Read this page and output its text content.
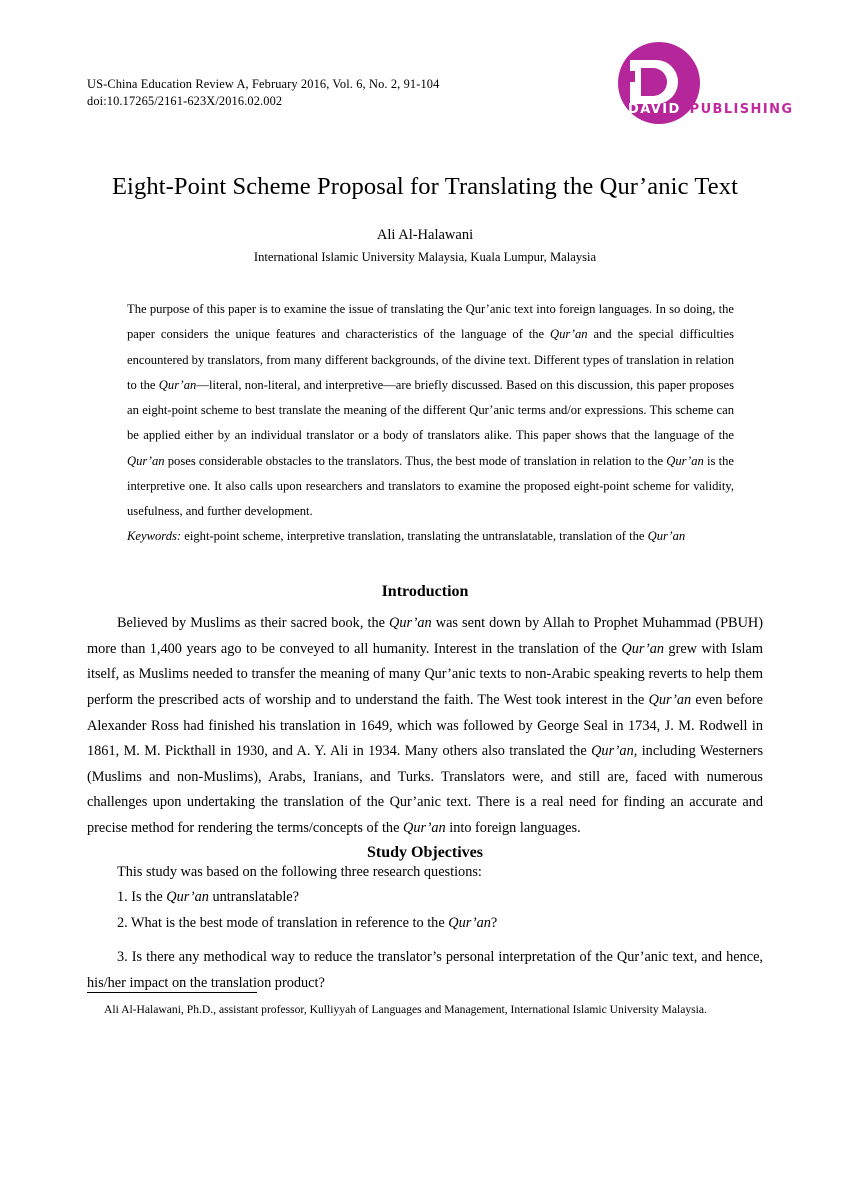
US-China Education Review A, February 2016, Vol. 6, No. 2, 91-104
doi:10.17265/2161-623X/2016.02.002
DAVID PUBLISHING
Eight-Point Scheme Proposal for Translating the Qur’anic Text
Ali Al-Halawani
International Islamic University Malaysia, Kuala Lumpur, Malaysia
The purpose of this paper is to examine the issue of translating the Qur’anic text into foreign languages. In so doing, the paper considers the unique features and characteristics of the language of the Qur’an and the special difficulties encountered by translators, from many different backgrounds, of the divine text. Different types of translation in relation to the Qur’an—literal, non-literal, and interpretive—are briefly discussed. Based on this discussion, this paper proposes an eight-point scheme to best translate the meaning of the different Qur’anic terms and/or expressions. This scheme can be applied either by an individual translator or a body of translators alike. This paper shows that the language of the Qur’an poses considerable obstacles to the translators. Thus, the best mode of translation in relation to the Qur’an is the interpretive one. It also calls upon researchers and translators to examine the proposed eight-point scheme for validity, usefulness, and further development.
Keywords: eight-point scheme, interpretive translation, translating the untranslatable, translation of the Qur’an
Introduction

Believed by Muslims as their sacred book, the Qur’an was sent down by Allah to Prophet Muhammad (PBUH) more than 1,400 years ago to be conveyed to all humanity. Interest in the translation of the Qur’an grew with Islam itself, as Muslims needed to transfer the meaning of many Qur’anic texts to non-Arabic speaking reverts to help them perform the prescribed acts of worship and to understand the faith. The West took interest in the Qur’an even before Alexander Ross had finished his translation in 1649, which was followed by George Seal in 1734, J. M. Rodwell in 1861, M. M. Pickthall in 1930, and A. Y. Ali in 1934. Many others also translated the Qur’an, including Westerners (Muslims and non-Muslims), Arabs, Iranians, and Turks. Translators were, and still are, faced with numerous challenges upon undertaking the translation of the Qur’anic text. There is a real need for finding an accurate and precise method for rendering the terms/concepts of the Qur’an into foreign languages.

Study Objectives
This study was based on the following three research questions:
1. Is the Qur’an untranslatable?
2. What is the best mode of translation in reference to the Qur’an?

3. Is there any methodical way to reduce the translator’s personal interpretation of the Qur’anic text, and hence, his/her impact on the translation product?

Ali Al-Halawani, Ph.D., assistant professor, Kulliyyah of Languages and Management, International Islamic University Malaysia.
